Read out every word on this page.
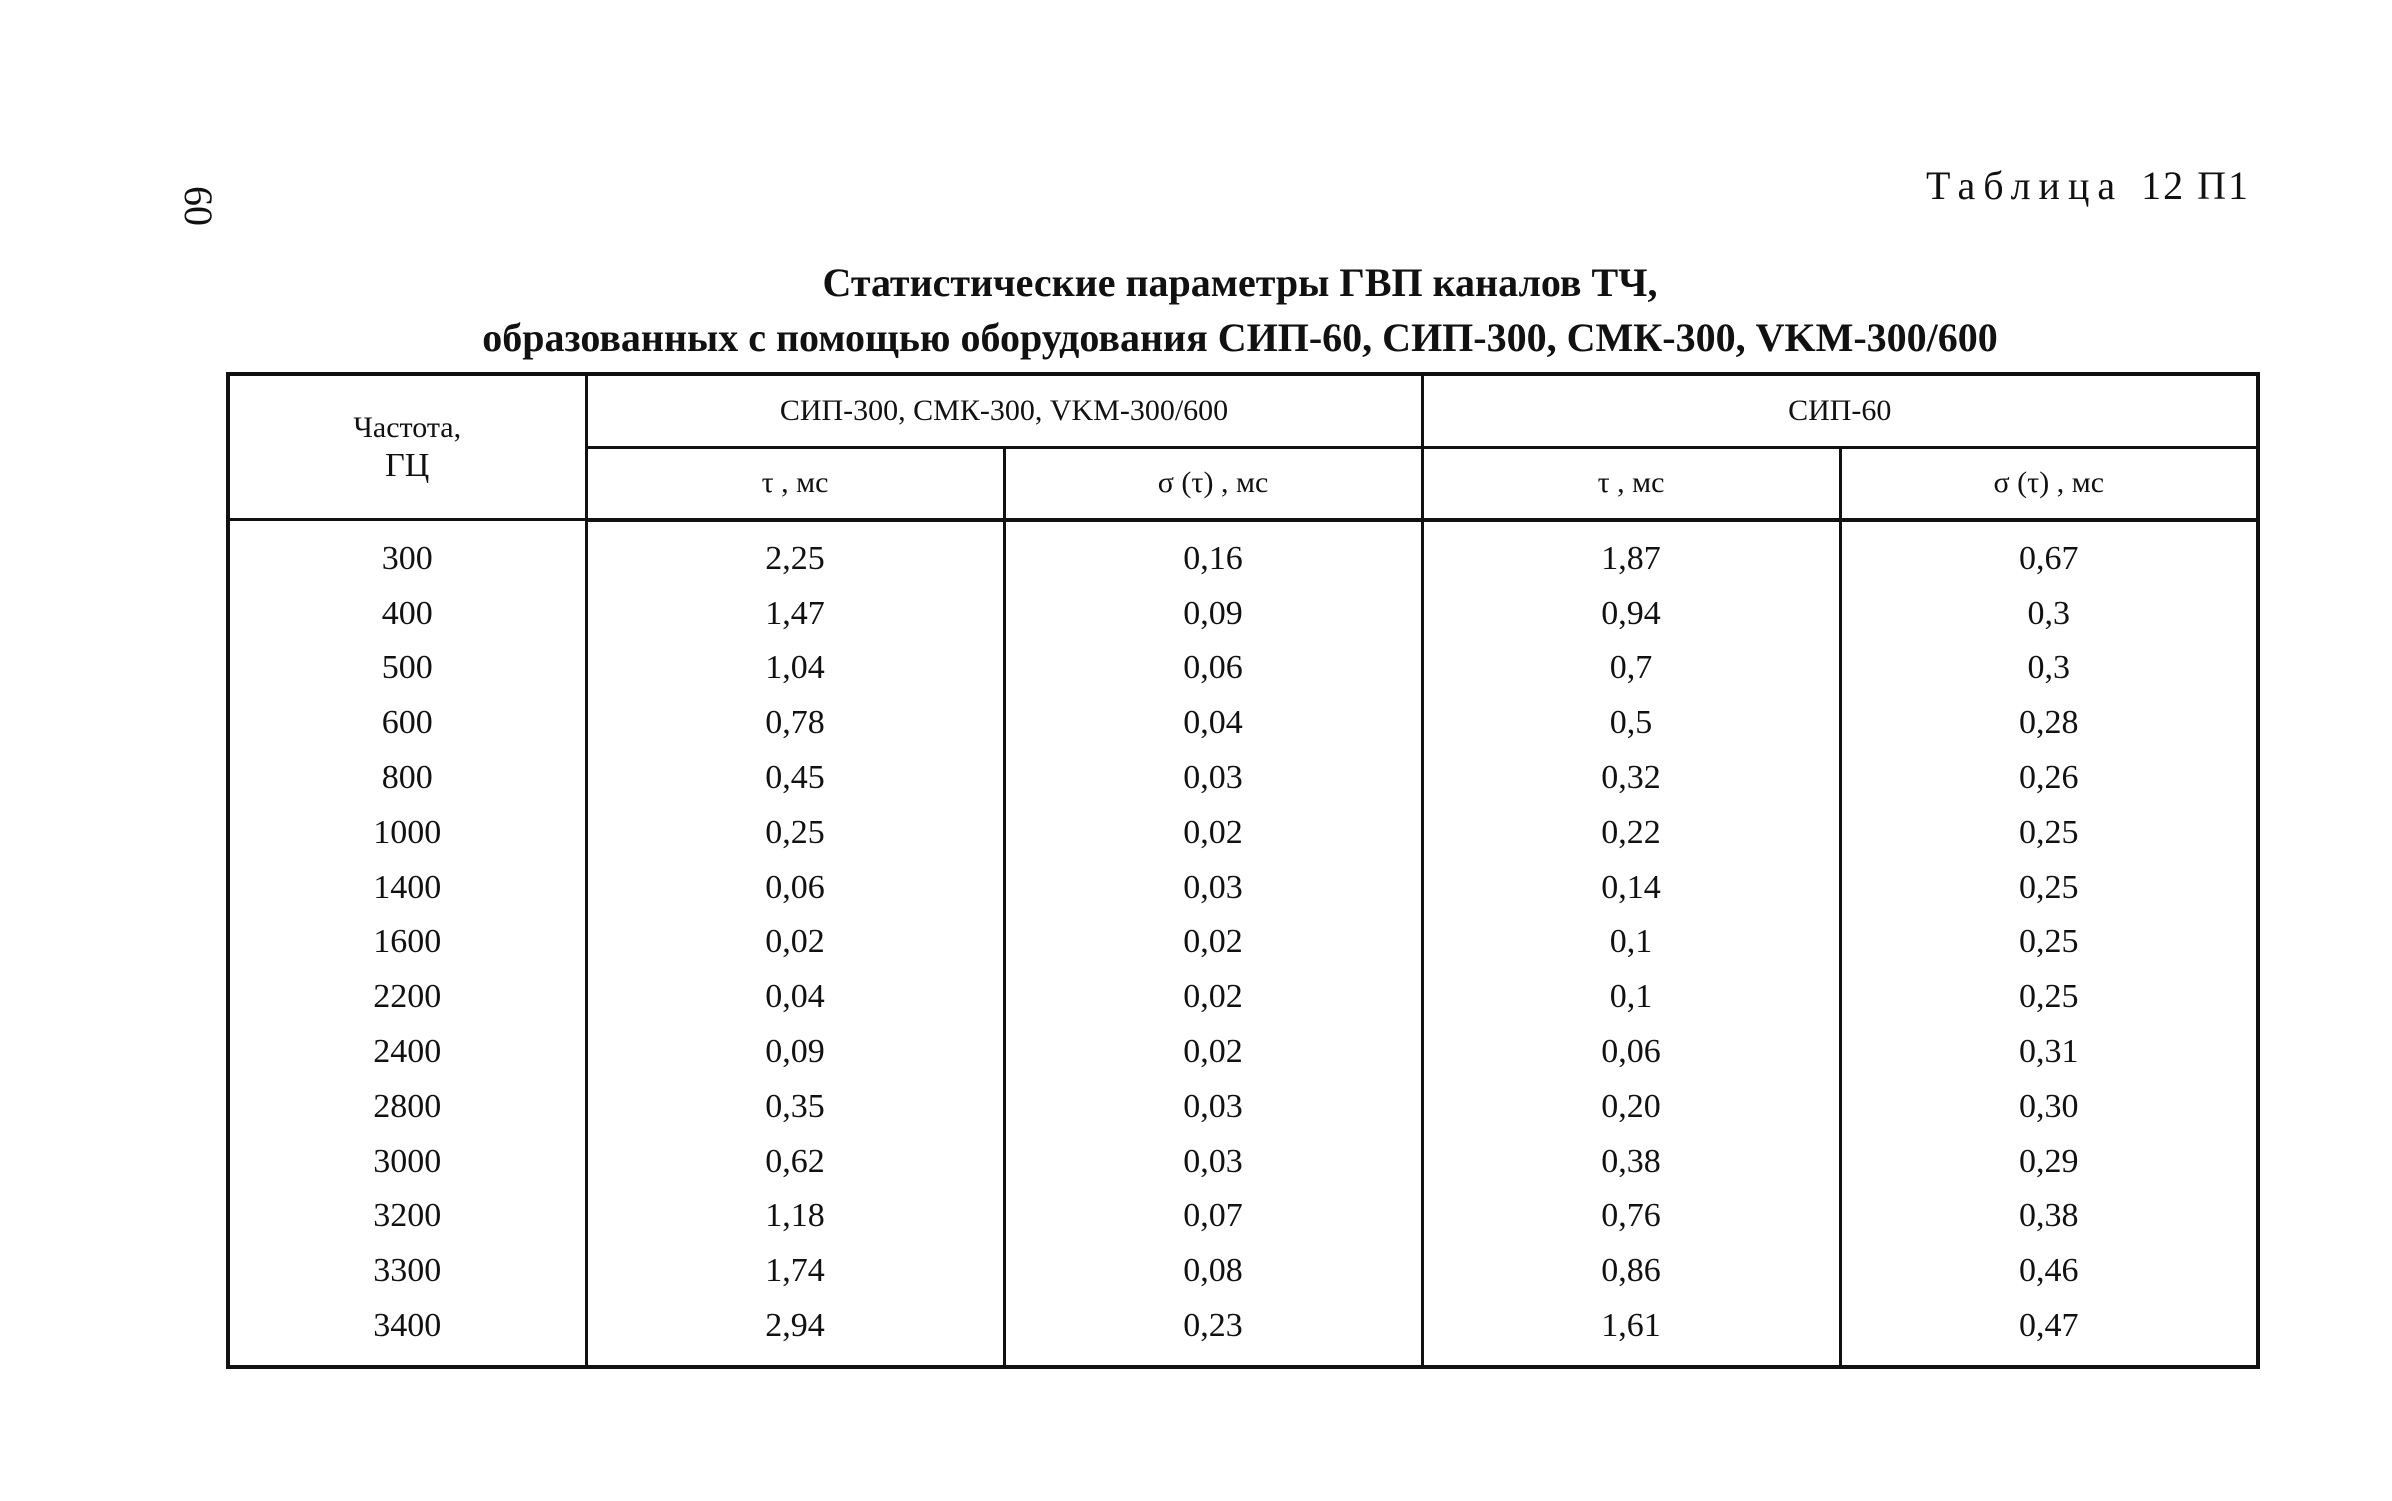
60	Таблица 12 П1
Статистические параметры ГВП каналов ТЧ,
образованных с помощью оборудования СИП-60, СИП-300, СМК-300, VKM-300/600
Частота,
ГЦ	СИП-300, СМК-300, VKM-300/600		СИП-60	
	τ , мс	σ (τ) , мс	τ , мс	σ (τ) , мс
300	2,25	0,16	1,87	0,67
400	1,47	0,09	0,94	0,3
500	1,04	0,06	0,7	0,3
600	0,78	0,04	0,5	0,28
800	0,45	0,03	0,32	0,26
1000	0,25	0,02	0,22	0,25
1400	0,06	0,03	0,14	0,25
1600	0,02	0,02	0,1	0,25
2200	0,04	0,02	0,1	0,25
2400	0,09	0,02	0,06	0,31
2800	0,35	0,03	0,20	0,30
3000	0,62	0,03	0,38	0,29
3200	1,18	0,07	0,76	0,38
3300	1,74	0,08	0,86	0,46
3400	2,94	0,23	1,61	0,47
